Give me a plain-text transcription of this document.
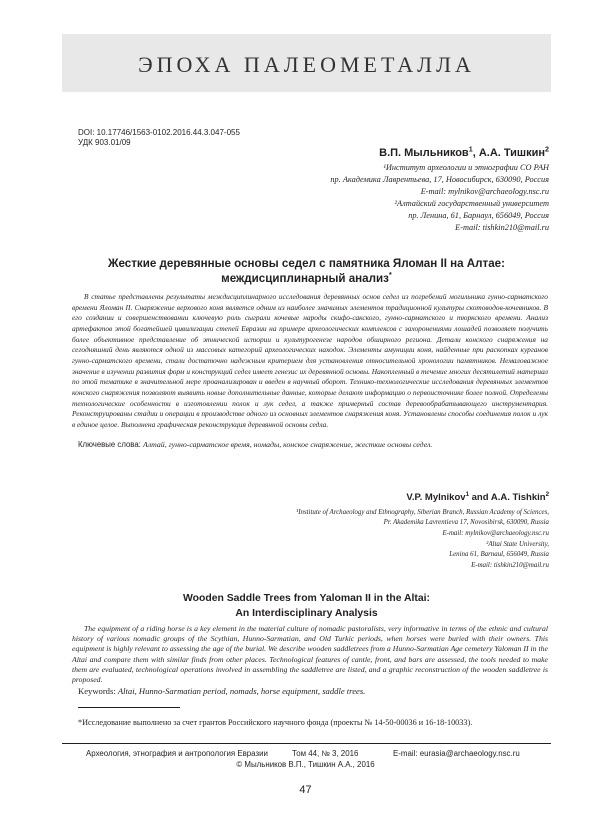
ЭПОХА ПАЛЕОМЕТАЛЛА
DOI: 10.17746/1563-0102.2016.44.3.047-055
УДК 903.01/09
В.П. Мыльников$^1$, А.А. Тишкин$^2$
¹Институт археологии и этнографии СО РАН
пр. Академика Лаврентьева, 17, Новосибирск, 630090, Россия
E-mail: mylnikov@archaeology.nsc.ru
²Алтайский государственный университет
пр. Ленина, 61, Барнаул, 656049, Россия
E-mail: tishkin210@mail.ru
Жесткие деревянные основы седел с памятника Яломан II на Алтае:
междисциплинарный анализ*

В статье представлены результаты междисциплинарного исследования деревянных основ седел из погребений могильника гунно-сарматского времени Яломан II. Снаряжение верхового коня является одним из наиболее значимых элементов традиционной культуры скотоводов-кочевников. В его создании и совершенствовании ключевую роль сыграли кочевые народы скифо-сакского, гунно-сарматского и тюркского времени. Анализ артефактов этой богатейшей цивилизации степей Евразии на примере археологических комплексов с захоронениями лошадей позволяет получить более объективное представление об этнической истории и культурогенезе народов обширного региона. Детали конского снаряжения на сегодняшний день являются одной из массовых категорий археологических находок. Элементы амуниции коня, найденные при раскопках курганов гунно-сарматского времени, стали достаточно надежным критерием для установления относительной хронологии памятников. Немаловажное значение в изучении развития форм и конструкций седел имеет генезис их деревянной основы. Накопленный в течение многих десятилетий материал по этой тематике в значительной мере проанализирован и введен в научный оборот. Технико-технологические исследования деревянных элементов конского снаряжения позволяют выявить новые дополнительные данные, которые делают информацию о первоисточнике более полной. Определены технологические особенности в изготовлении полок и лук седел, а также примерный состав деревообрабатывающего инструментария. Реконструированы стадии и операции в производстве одного из основных элементов снаряжения коня. Установлены способы соединения полок и лук в единое целое. Выполнена графическая реконструкция деревянной основы седла.

Ключевые слова: Алтай, гунно-сарматское время, номады, конское снаряжение, жесткие основы седел.
V.P. Mylnikov$^1$ and A.A. Tishkin$^2$
¹Institute of Archaeology and Ethnography, Siberian Branch, Russian Academy of Sciences,
Pr. Akademika Lavrentieva 17, Novosibirsk, 630090, Russia
E-mail: mylnikov@archaeology.nsc.ru
²Altai State University,
Lenina 61, Barnaul, 656049, Russia
E-mail: tishkin210@mail.ru
Wooden Saddle Trees from Yaloman II in the Altai:
An Interdisciplinary Analysis

The equipment of a riding horse is a key element in the material culture of nomadic pastoralists, very informative in terms of the ethnic and cultural history of various nomadic groups of the Scythian, Hunno-Sarmatian, and Old Turkic periods, when horses were buried with their owners. This equipment is highly relevant to assessing the age of the burial. We describe wooden saddletrees from a Hunno-Sarmatian Age cemetery Yaloman II in the Altai and compare them with similar finds from other places. Technological features of cantle, front, and bars are assessed, the tools needed to make them are evaluated, technological operations involved in assembling the saddletree are listed, and a graphic reconstruction of the wooden saddletree is proposed.

Keywords: Altai, Hunno-Sarmatian period, nomads, horse equipment, saddle trees.
*Исследование выполнено за счет грантов Российского научного фонда (проекты № 14-50-00036 и 16-18-10033).
Археология, этнография и антропология Евразии	Том 44, № 3, 2016	E-mail: eurasia@archaeology.nsc.ru
© Мыльников В.П., Тишкин А.А., 2016
47
